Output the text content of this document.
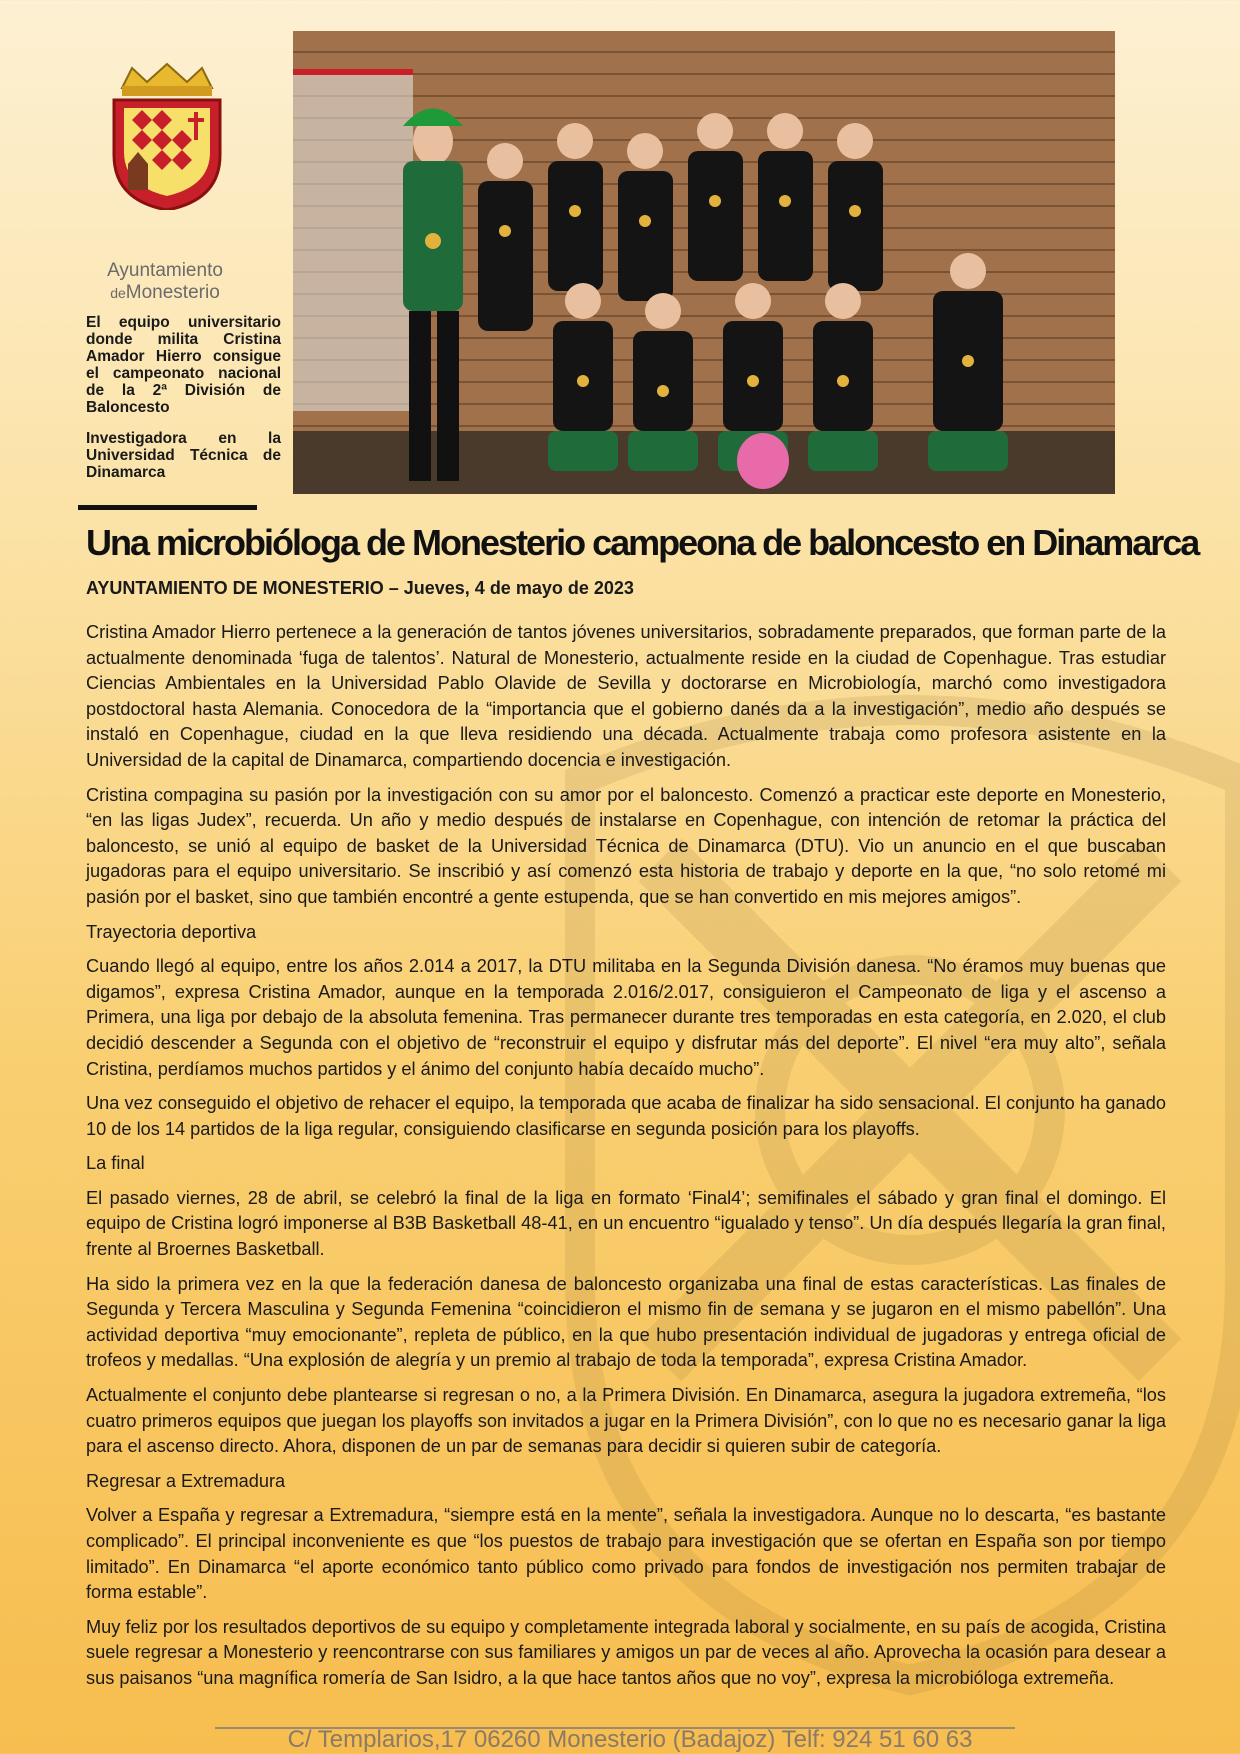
Ayuntamiento
deMonesterio

El equipo universitario donde milita Cristina Amador Hierro consigue el campeonato nacional de la 2ª División de Baloncesto

Investigadora en la Universidad Técnica de Dinamarca

Una microbióloga de Monesterio campeona de baloncesto en Dinamarca
AYUNTAMIENTO DE MONESTERIO – Jueves, 4 de mayo de 2023

Cristina Amador Hierro pertenece a la generación de tantos jóvenes universitarios, sobradamente preparados, que forman parte de la actualmente denominada ‘fuga de talentos’. Natural de Monesterio, actualmente reside en la ciudad de Copenhague. Tras estudiar Ciencias Ambientales en la Universidad Pablo Olavide de Sevilla y doctorarse en Microbiología, marchó como investigadora postdoctoral hasta Alemania. Conocedora de la “importancia que el gobierno danés da a la investigación”, medio año después se instaló en Copenhague, ciudad en la que lleva residiendo una década. Actualmente trabaja como profesora asistente en la Universidad de la capital de Dinamarca, compartiendo docencia e investigación.

Cristina compagina su pasión por la investigación con su amor por el baloncesto. Comenzó a practicar este deporte en Monesterio, “en las ligas Judex”, recuerda. Un año y medio después de instalarse en Copenhague, con intención de retomar la práctica del baloncesto, se unió al equipo de basket de la Universidad Técnica de Dinamarca (DTU). Vio un anuncio en el que buscaban jugadoras para el equipo universitario. Se inscribió y así comenzó esta historia de trabajo y deporte en la que, “no solo retomé mi pasión por el basket, sino que también encontré a gente estupenda, que se han convertido en mis mejores amigos”.

Trayectoria deportiva

Cuando llegó al equipo, entre los años 2.014 a 2017, la DTU militaba en la Segunda División danesa. “No éramos muy buenas que digamos”, expresa Cristina Amador, aunque en la temporada 2.016/2.017, consiguieron el Campeonato de liga y el ascenso a Primera, una liga por debajo de la absoluta femenina. Tras permanecer durante tres temporadas en esta categoría, en 2.020, el club decidió descender a Segunda con el objetivo de “reconstruir el equipo y disfrutar más del deporte”. El nivel “era muy alto”, señala Cristina, perdíamos muchos partidos y el ánimo del conjunto había decaído mucho”.

Una vez conseguido el objetivo de rehacer el equipo, la temporada que acaba de finalizar ha sido sensacional. El conjunto ha ganado 10 de los 14 partidos de la liga regular, consiguiendo clasificarse en segunda posición para los playoffs.

La final

El pasado viernes, 28 de abril, se celebró la final de la liga en formato ‘Final4’; semifinales el sábado y gran final el domingo. El equipo de Cristina logró imponerse al B3B Basketball 48-41, en un encuentro “igualado y tenso”. Un día después llegaría la gran final, frente al Broernes Basketball.

Ha sido la primera vez en la que la federación danesa de baloncesto organizaba una final de estas características. Las finales de Segunda y Tercera Masculina y Segunda Femenina “coincidieron el mismo fin de semana y se jugaron en el mismo pabellón”. Una actividad deportiva “muy emocionante”, repleta de público, en la que hubo presentación individual de jugadoras y entrega oficial de trofeos y medallas. “Una explosión de alegría y un premio al trabajo de toda la temporada”, expresa Cristina Amador.

Actualmente el conjunto debe plantearse si regresan o no, a la Primera División. En Dinamarca, asegura la jugadora extremeña, “los cuatro primeros equipos que juegan los playoffs son invitados a jugar en la Primera División”, con lo que no es necesario ganar la liga para el ascenso directo. Ahora, disponen de un par de semanas para decidir si quieren subir de categoría.

Regresar a Extremadura

Volver a España y regresar a Extremadura, “siempre está en la mente”, señala la investigadora. Aunque no lo descarta, “es bastante complicado”. El principal inconveniente es que “los puestos de trabajo para investigación que se ofertan en España son por tiempo limitado”. En Dinamarca “el aporte económico tanto público como privado para fondos de investigación nos permiten trabajar de forma estable”.

Muy feliz por los resultados deportivos de su equipo y completamente integrada laboral y socialmente, en su país de acogida, Cristina suele regresar a Monesterio y reencontrarse con sus familiares y amigos un par de veces al año. Aprovecha la ocasión para desear a sus paisanos “una magnífica romería de San Isidro, a la que hace tantos años que no voy”, expresa la microbióloga extremeña.

C/ Templarios,17 06260 Monesterio (Badajoz) Telf: 924 51 60 63
